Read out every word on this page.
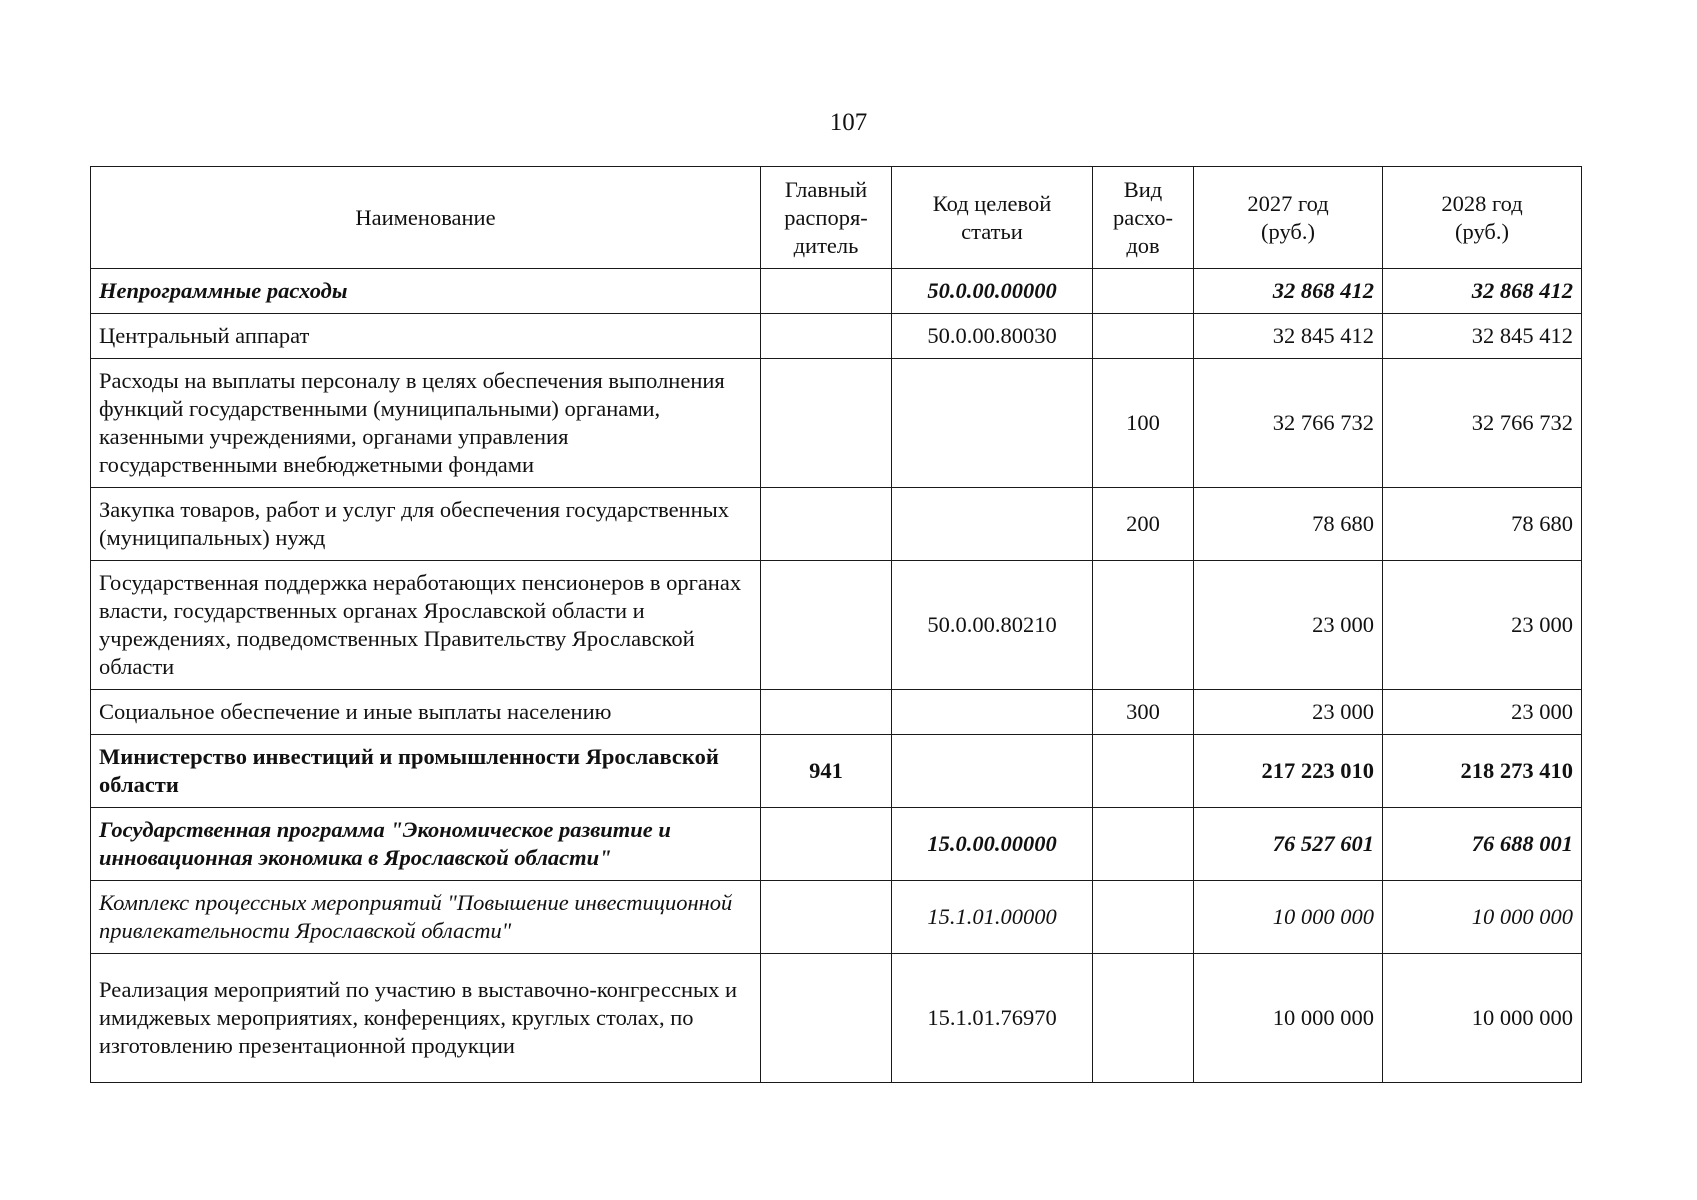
107
Наименование	Главный распоря-дитель	Код целевой статьи	Вид расхо-дов	2027 год (руб.)	2028 год (руб.)
Непрограммные расходы		50.0.00.00000		32 868 412	32 868 412
Центральный аппарат		50.0.00.80030		32 845 412	32 845 412
Расходы на выплаты персоналу в целях обеспечения выполнения функций государственными (муниципальными) органами, казенными учреждениями, органами управления государственными внебюджетными фондами			100	32 766 732	32 766 732
Закупка товаров, работ и услуг для обеспечения государственных (муниципальных) нужд			200	78 680	78 680
Государственная поддержка неработающих пенсионеров в органах власти, государственных органах Ярославской области и учреждениях, подведомственных Правительству Ярославской области		50.0.00.80210		23 000	23 000
Социальное обеспечение и иные выплаты населению			300	23 000	23 000
Министерство инвестиций и промышленности Ярославской области	941			217 223 010	218 273 410
Государственная программа "Экономическое развитие и инновационная экономика в Ярославской области"		15.0.00.00000		76 527 601	76 688 001
Комплекс процессных мероприятий "Повышение инвестиционной привлекательности Ярославской области"		15.1.01.00000		10 000 000	10 000 000
Реализация мероприятий по участию в выставочно-конгрессных и имиджевых мероприятиях, конференциях, круглых столах, по изготовлению презентационной продукции		15.1.01.76970		10 000 000	10 000 000
